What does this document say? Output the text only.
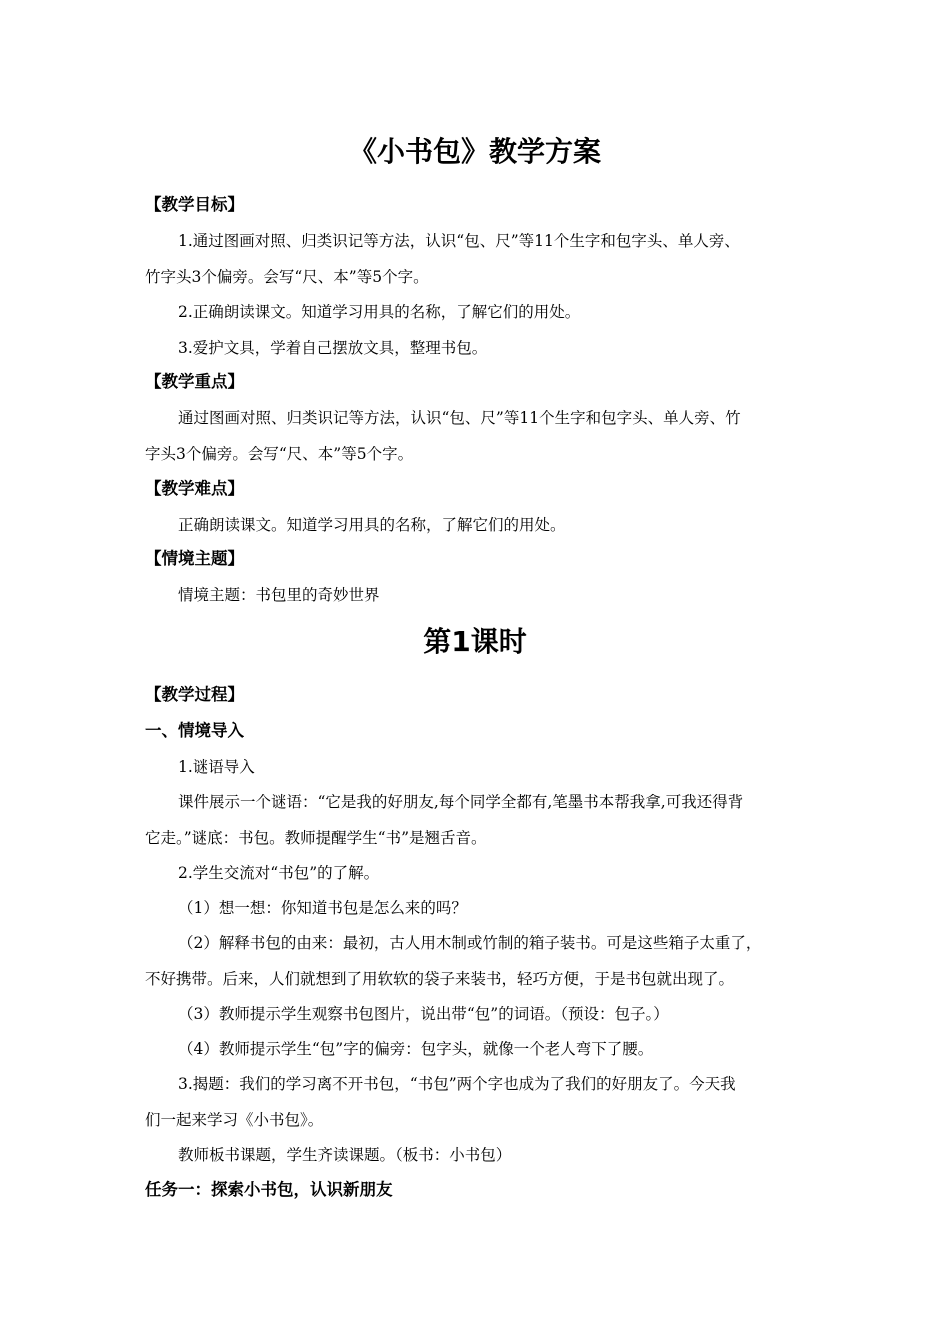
《小书包》教学方案
【教学目标】
1.通过图画对照、归类识记等方法，认识“包、尺”等11个生字和包字头、单人旁、
竹字头3个偏旁。会写“尺、本”等5个字。
2.正确朗读课文。知道学习用具的名称，了解它们的用处。
3.爱护文具，学着自己摆放文具，整理书包。
【教学重点】
通过图画对照、归类识记等方法，认识“包、尺”等11个生字和包字头、单人旁、竹
字头3个偏旁。会写“尺、本”等5个字。
【教学难点】
正确朗读课文。知道学习用具的名称，了解它们的用处。
【情境主题】
情境主题：书包里的奇妙世界
第1课时
【教学过程】
一、情境导入
1.谜语导入
课件展示一个谜语：“它是我的好朋友,每个同学全都有,笔墨书本帮我拿,可我还得背
它走。”谜底：书包。教师提醒学生“书”是翘舌音。
2.学生交流对“书包”的了解。
（1）想一想：你知道书包是怎么来的吗？
（2）解释书包的由来：最初，古人用木制或竹制的箱子装书。可是这些箱子太重了，
不好携带。后来，人们就想到了用软软的袋子来装书，轻巧方便，于是书包就出现了。
（3）教师提示学生观察书包图片，说出带“包”的词语。（预设：包子。）
（4）教师提示学生“包”字的偏旁：包字头，就像一个老人弯下了腰。
3.揭题：我们的学习离不开书包，“书包”两个字也成为了我们的好朋友了。今天我
们一起来学习《小书包》。
教师板书课题，学生齐读课题。（板书：小书包）
任务一：探索小书包，认识新朋友
